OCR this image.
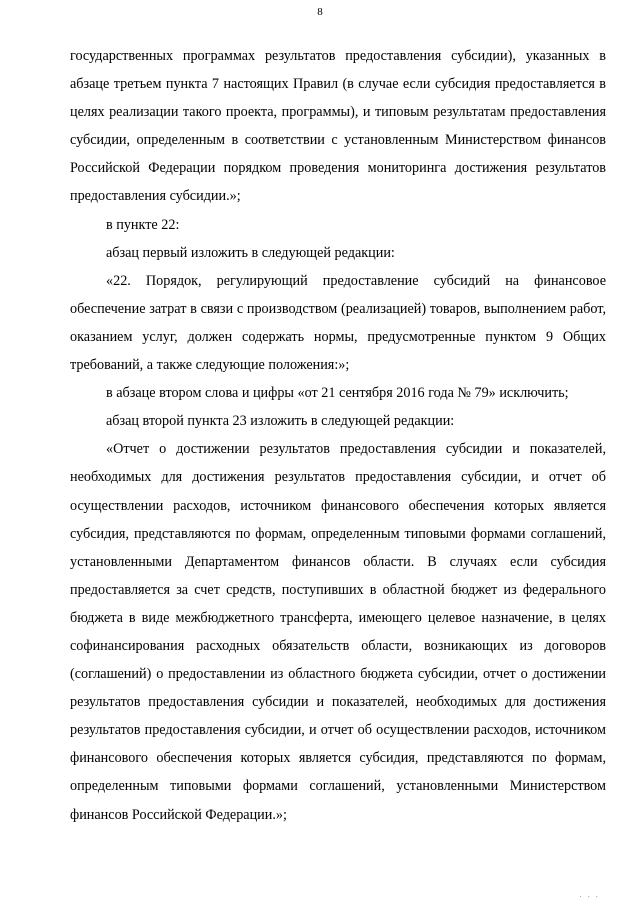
8

государственных программах результатов предоставления субсидии), указанных в абзаце третьем пункта 7 настоящих Правил (в случае если субсидия предоставляется в целях реализации такого проекта, программы), и типовым результатам предоставления субсидии, определенным в соответствии с установленным Министерством финансов Российской Федерации порядком проведения мониторинга достижения результатов предоставления субсидии.»;

в пункте 22:

абзац первый изложить в следующей редакции:

«22. Порядок, регулирующий предоставление субсидий на финансовое обеспечение затрат в связи с производством (реализацией) товаров, выполнением работ, оказанием услуг, должен содержать нормы, предусмотренные пунктом 9 Общих требований, а также следующие положения:»;

в абзаце втором слова и цифры «от 21 сентября 2016 года № 79» исключить;

абзац второй пункта 23 изложить в следующей редакции:

«Отчет о достижении результатов предоставления субсидии и показателей, необходимых для достижения результатов предоставления субсидии, и отчет об осуществлении расходов, источником финансового обеспечения которых является субсидия, представляются по формам, определенным типовыми формами соглашений, установленными Департаментом финансов области. В случаях если субсидия предоставляется за счет средств, поступивших в областной бюджет из федерального бюджета в виде межбюджетного трансферта, имеющего целевое назначение, в целях софинансирования расходных обязательств области, возникающих из договоров (соглашений) о предоставлении из областного бюджета субсидии, отчет о достижении результатов предоставления субсидии и показателей, необходимых для достижения результатов предоставления субсидии, и отчет об осуществлении расходов, источником финансового обеспечения которых является субсидия, представляются по формам, определенным типовыми формами соглашений, установленными Министерством финансов Российской Федерации.»;

· · ·
